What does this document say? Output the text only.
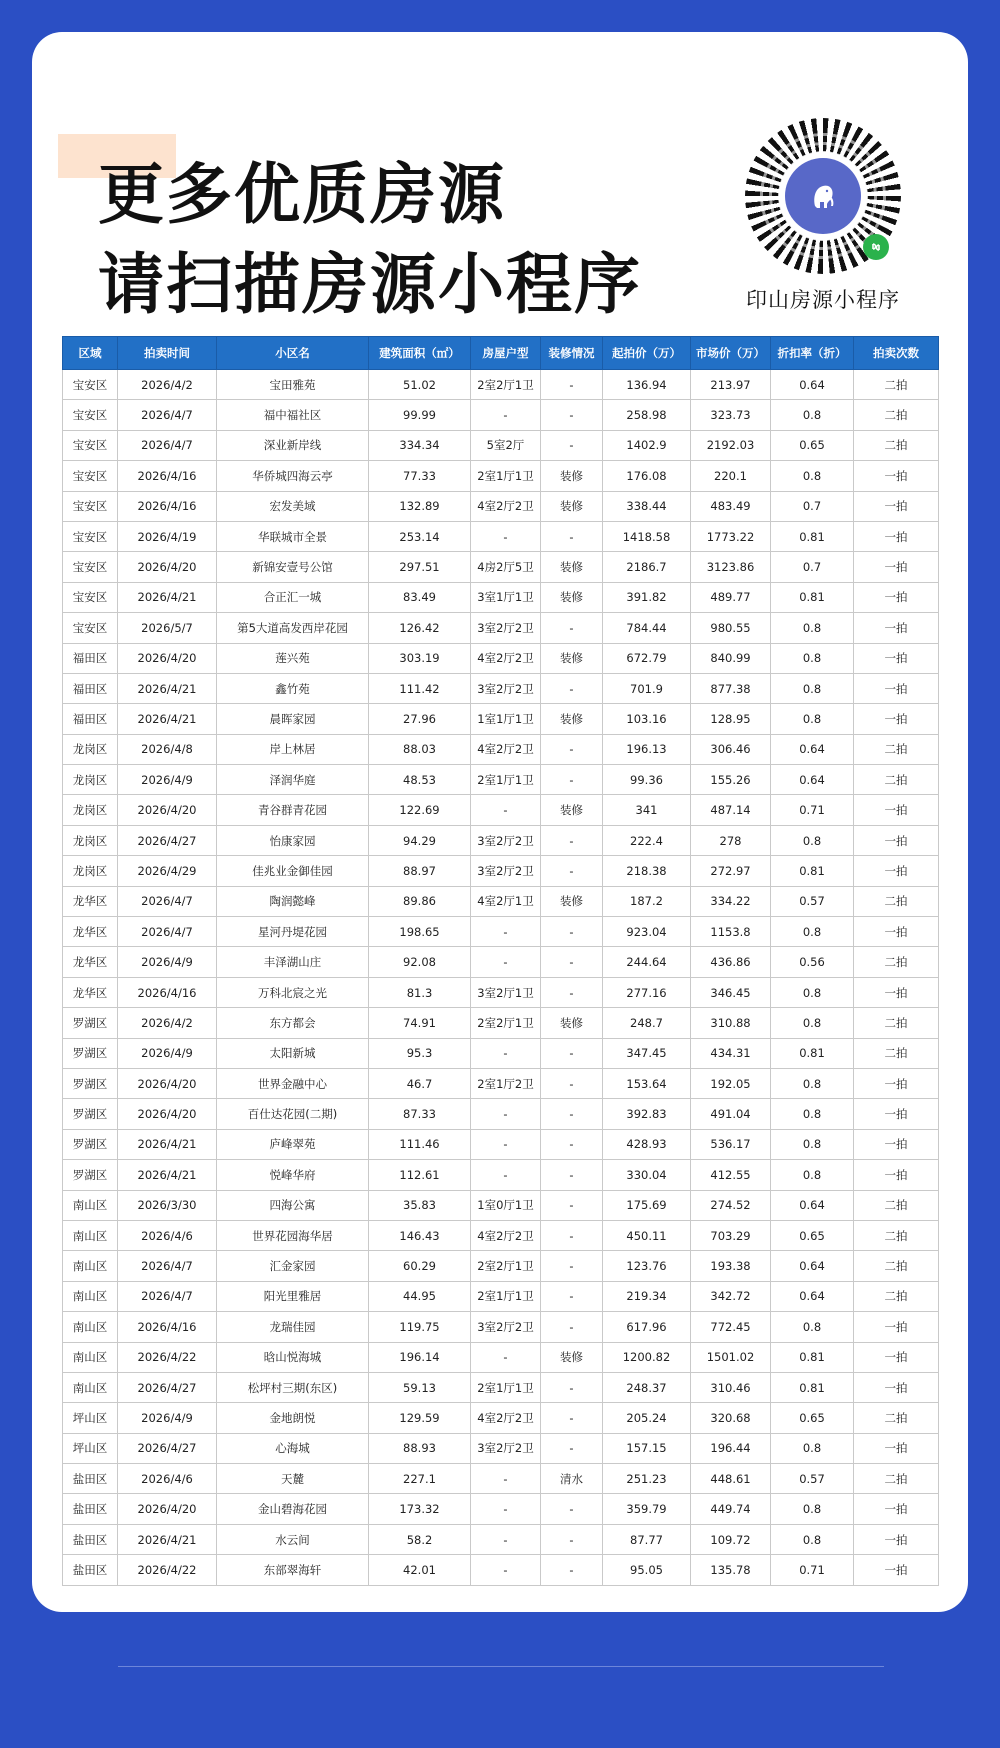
更多优质房源
请扫描房源小程序	印山房源小程序
区域	拍卖时间	小区名	建筑面积（㎡）	房屋户型	装修情况	起拍价（万）	市场价（万）	折扣率（折）	拍卖次数
宝安区	2026/4/2	宝田雅苑	51.02	2室2厅1卫	-	136.94	213.97	0.64	二拍
宝安区	2026/4/7	福中福社区	99.99	-	-	258.98	323.73	0.8	二拍
宝安区	2026/4/7	深业新岸线	334.34	5室2厅	-	1402.9	2192.03	0.65	二拍
宝安区	2026/4/16	华侨城四海云亭	77.33	2室1厅1卫	装修	176.08	220.1	0.8	一拍
宝安区	2026/4/16	宏发美域	132.89	4室2厅2卫	装修	338.44	483.49	0.7	一拍
宝安区	2026/4/19	华联城市全景	253.14	-	-	1418.58	1773.22	0.81	一拍
宝安区	2026/4/20	新锦安壹号公馆	297.51	4房2厅5卫	装修	2186.7	3123.86	0.7	一拍
宝安区	2026/4/21	合正汇一城	83.49	3室1厅1卫	装修	391.82	489.77	0.81	一拍
宝安区	2026/5/7	第5大道高发西岸花园	126.42	3室2厅2卫	-	784.44	980.55	0.8	一拍
福田区	2026/4/20	莲兴苑	303.19	4室2厅2卫	装修	672.79	840.99	0.8	一拍
福田区	2026/4/21	鑫竹苑	111.42	3室2厅2卫	-	701.9	877.38	0.8	一拍
福田区	2026/4/21	晨晖家园	27.96	1室1厅1卫	装修	103.16	128.95	0.8	一拍
龙岗区	2026/4/8	岸上林居	88.03	4室2厅2卫	-	196.13	306.46	0.64	二拍
龙岗区	2026/4/9	泽润华庭	48.53	2室1厅1卫	-	99.36	155.26	0.64	二拍
龙岗区	2026/4/20	青谷群青花园	122.69	-	装修	341	487.14	0.71	一拍
龙岗区	2026/4/27	怡康家园	94.29	3室2厅2卫	-	222.4	278	0.8	一拍
龙岗区	2026/4/29	佳兆业金御佳园	88.97	3室2厅2卫	-	218.38	272.97	0.81	一拍
龙华区	2026/4/7	陶润懿峰	89.86	4室2厅1卫	装修	187.2	334.22	0.57	二拍
龙华区	2026/4/7	星河丹堤花园	198.65	-	-	923.04	1153.8	0.8	一拍
龙华区	2026/4/9	丰泽湖山庄	92.08	-	-	244.64	436.86	0.56	二拍
龙华区	2026/4/16	万科北宸之光	81.3	3室2厅1卫	-	277.16	346.45	0.8	一拍
罗湖区	2026/4/2	东方都会	74.91	2室2厅1卫	装修	248.7	310.88	0.8	二拍
罗湖区	2026/4/9	太阳新城	95.3	-	-	347.45	434.31	0.81	二拍
罗湖区	2026/4/20	世界金融中心	46.7	2室1厅2卫	-	153.64	192.05	0.8	一拍
罗湖区	2026/4/20	百仕达花园(二期)	87.33	-	-	392.83	491.04	0.8	一拍
罗湖区	2026/4/21	庐峰翠苑	111.46	-	-	428.93	536.17	0.8	一拍
罗湖区	2026/4/21	悦峰华府	112.61	-	-	330.04	412.55	0.8	一拍
南山区	2026/3/30	四海公寓	35.83	1室0厅1卫	-	175.69	274.52	0.64	二拍
南山区	2026/4/6	世界花园海华居	146.43	4室2厅2卫	-	450.11	703.29	0.65	二拍
南山区	2026/4/7	汇金家园	60.29	2室2厅1卫	-	123.76	193.38	0.64	二拍
南山区	2026/4/7	阳光里雅居	44.95	2室1厅1卫	-	219.34	342.72	0.64	二拍
南山区	2026/4/16	龙瑞佳园	119.75	3室2厅2卫	-	617.96	772.45	0.8	一拍
南山区	2026/4/22	晗山悦海城	196.14	-	装修	1200.82	1501.02	0.81	一拍
南山区	2026/4/27	松坪村三期(东区)	59.13	2室1厅1卫	-	248.37	310.46	0.81	一拍
坪山区	2026/4/9	金地朗悦	129.59	4室2厅2卫	-	205.24	320.68	0.65	二拍
坪山区	2026/4/27	心海城	88.93	3室2厅2卫	-	157.15	196.44	0.8	一拍
盐田区	2026/4/6	天麓	227.1	-	清水	251.23	448.61	0.57	二拍
盐田区	2026/4/20	金山碧海花园	173.32	-	-	359.79	449.74	0.8	一拍
盐田区	2026/4/21	水云间	58.2	-	-	87.77	109.72	0.8	一拍
盐田区	2026/4/22	东部翠海轩	42.01	-	-	95.05	135.78	0.71	一拍
